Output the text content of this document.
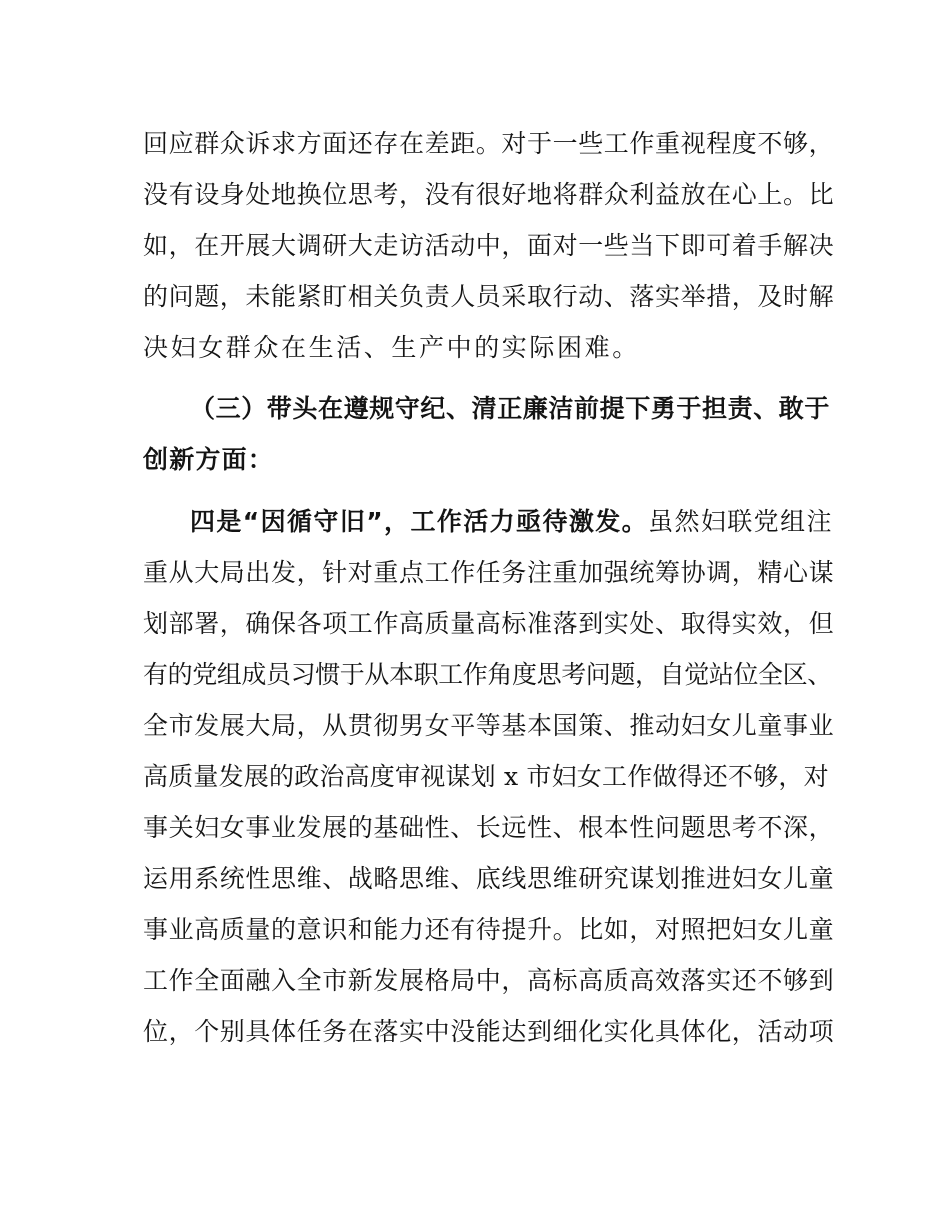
回应群众诉求方面还存在差距。对于一些工作重视程度不够，
没有设身处地换位思考，没有很好地将群众利益放在心上。比
如，在开展大调研大走访活动中，面对一些当下即可着手解决
的问题，未能紧盯相关负责人员采取行动、落实举措，及时解
决妇女群众在生活、生产中的实际困难。
（三）带头在遵规守纪、清正廉洁前提下勇于担责、敢于
创新方面：
四是“因循守旧”，工作活力亟待激发。虽然妇联党组注
重从大局出发，针对重点工作任务注重加强统筹协调，精心谋
划部署，确保各项工作高质量高标准落到实处、取得实效，但
有的党组成员习惯于从本职工作角度思考问题，自觉站位全区、
全市发展大局，从贯彻男女平等基本国策、推动妇女儿童事业
高质量发展的政治高度审视谋划 x 市妇女工作做得还不够，对
事关妇女事业发展的基础性、长远性、根本性问题思考不深，
运用系统性思维、战略思维、底线思维研究谋划推进妇女儿童
事业高质量的意识和能力还有待提升。比如，对照把妇女儿童
工作全面融入全市新发展格局中，高标高质高效落实还不够到
位，个别具体任务在落实中没能达到细化实化具体化，活动项
